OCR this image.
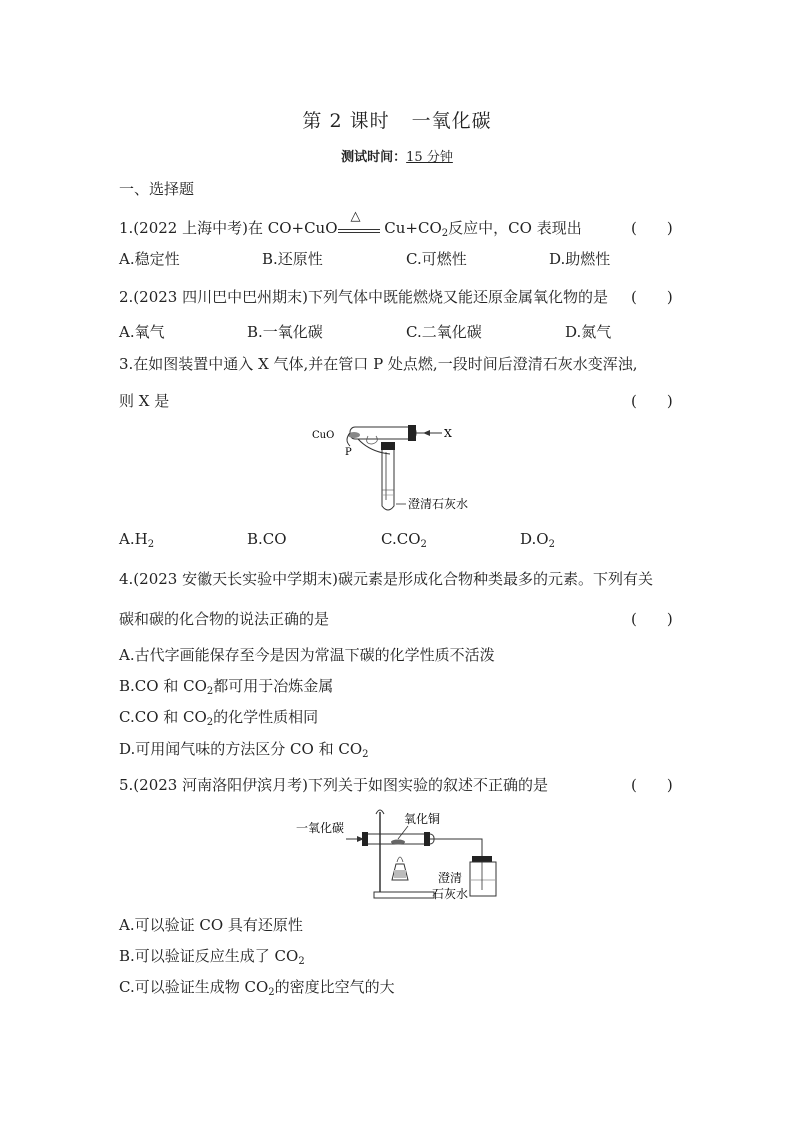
第 2 课时 一氧化碳
测试时间：15 分钟
一、选择题
1.(2022 上海中考)在 CO+CuO
△
$Cu+CO_2$反应中，CO 表现出	(　　)
A.稳定性	B.还原性	C.可燃性	D.助燃性
2.(2023 四川巴中巴州期末)下列气体中既能燃烧又能还原金属氧化物的是 (　　)
A.氧气	B.一氧化碳	C.二氧化碳	D.氮气
3.在如图装置中通入 X 气体,并在管口 P 处点燃,一段时间后澄清石灰水变浑浊,
则 X 是	(　　)
X
CuO
P
澄清石灰水
$A.H_2$	B.CO	$C.CO_2$	$D.O_2$
4.(2023 安徽天长实验中学期末)碳元素是形成化合物种类最多的元素。下列有关
碳和碳的化合物的说法正确的是	(　　)
A.古代字画能保存至今是因为常温下碳的化学性质不活泼
B.CO 和 $CO_2$都可用于冶炼金属
C.CO 和 $CO_2$的化学性质相同
D.可用闻气味的方法区分 CO 和 $CO_2$
5.(2023 河南洛阳伊滨月考)下列关于如图实验的叙述不正确的是	(　　)
一氧化碳
氧化铜
澄清
石灰水
A.可以验证 CO 具有还原性
B.可以验证反应生成了 $CO_2$
C.可以验证生成物 $CO_2$的密度比空气的大
